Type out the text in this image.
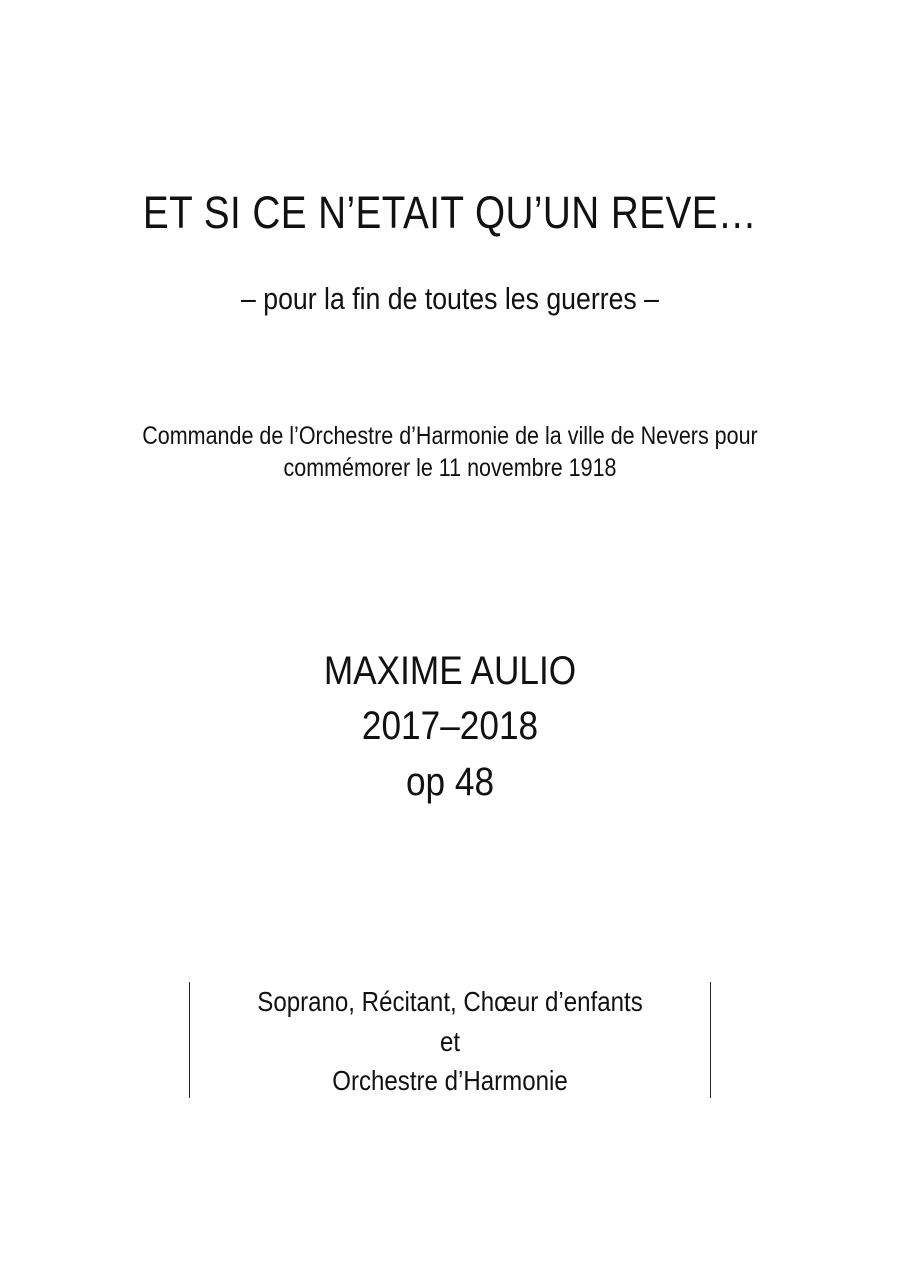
ET SI CE N’ETAIT QU’UN REVE…
– pour la fin de toutes les guerres –
Commande de l’Orchestre d’Harmonie de la ville de Nevers pour
commémorer le 11 novembre 1918
MAXIME AULIO
2017–2018
op 48
Soprano, Récitant, Chœur d’enfants
et
Orchestre d’Harmonie
